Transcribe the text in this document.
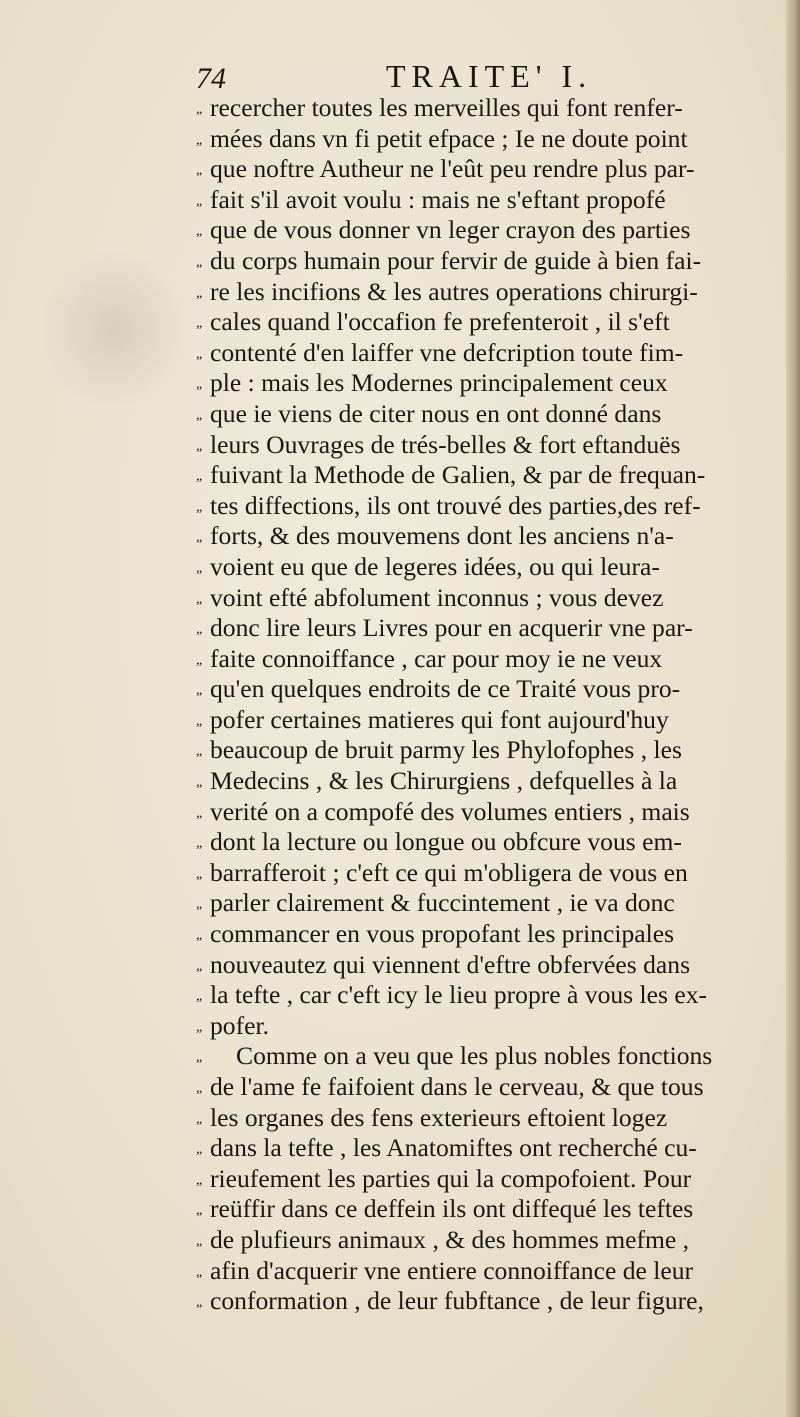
74	TRAITE' I.
„ recercher toutes les merveilles qui font renfer-
„ mées dans vn fi petit efpace ; Ie ne doute point
„ que noftre Autheur ne l'eût peu rendre plus par-
„ fait s'il avoit voulu : mais ne s'eftant propofé
„ que de vous donner vn leger crayon des parties
„ du corps humain pour fervir de guide à bien fai-
„ re les incifions & les autres operations chirurgi-
„ cales quand l'occafion fe prefenteroit , il s'eft
„ contenté d'en laiffer vne defcription toute fim-
„ ple : mais les Modernes principalement ceux
„ que ie viens de citer nous en ont donné dans
„ leurs Ouvrages de trés-belles & fort eftanduës
„ fuivant la Methode de Galien, & par de frequan-
„ tes diffections, ils ont trouvé des parties,des ref-
„ forts, & des mouvemens dont les anciens n'a-
„ voient eu que de legeres idées, ou qui leura-
„ voint efté abfolument inconnus ; vous devez
„ donc lire leurs Livres pour en acquerir vne par-
„ faite connoiffance , car pour moy ie ne veux
„ qu'en quelques endroits de ce Traité vous pro-
„ pofer certaines matieres qui font aujourd'huy
„ beaucoup de bruit parmy les Phylofophes , les
„ Medecins , & les Chirurgiens , defquelles à la
„ verité on a compofé des volumes entiers , mais
„ dont la lecture ou longue ou obfcure vous em-
„ barrafferoit ; c'eft ce qui m'obligera de vous en
„ parler clairement & fuccintement , ie va donc
„ commancer en vous propofant les principales
„ nouveautez qui viennent d'eftre obfervées dans
„ la tefte , car c'eft icy le lieu propre à vous les ex-
„ pofer.
„ Comme on a veu que les plus nobles fonctions
„ de l'ame fe faifoient dans le cerveau, & que tous
„ les organes des fens exterieurs eftoient logez
„ dans la tefte , les Anatomiftes ont recherché cu-
„ rieufement les parties qui la compofoient. Pour
„ reüffir dans ce deffein ils ont diffequé les teftes
„ de plufieurs animaux , & des hommes mefme ,
„ afin d'acquerir vne entiere connoiffance de leur
„ conformation , de leur fubftance , de leur figure,
